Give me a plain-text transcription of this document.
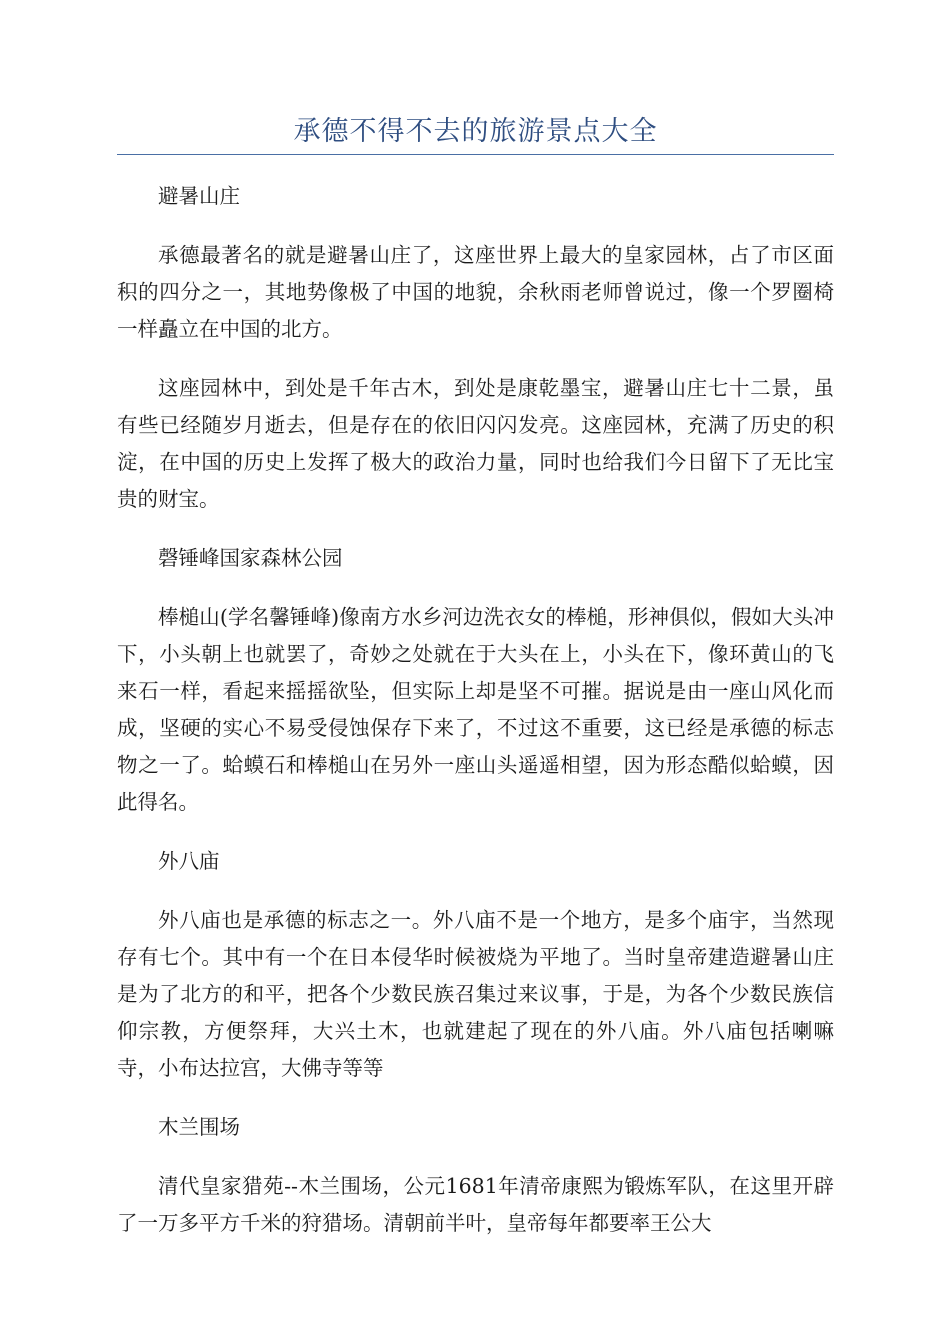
承德不得不去的旅游景点大全

避暑山庄

承德最著名的就是避暑山庄了，这座世界上最大的皇家园林，占了市区面积的四分之一，其地势像极了中国的地貌，余秋雨老师曾说过，像一个罗圈椅一样矗立在中国的北方。

这座园林中，到处是千年古木，到处是康乾墨宝，避暑山庄七十二景，虽有些已经随岁月逝去，但是存在的依旧闪闪发亮。这座园林，充满了历史的积淀，在中国的历史上发挥了极大的政治力量，同时也给我们今日留下了无比宝贵的财宝。

磬锤峰国家森林公园

棒槌山(学名馨锤峰)像南方水乡河边洗衣女的棒槌，形神俱似，假如大头冲下，小头朝上也就罢了，奇妙之处就在于大头在上，小头在下，像环黄山的飞来石一样，看起来摇摇欲坠，但实际上却是坚不可摧。据说是由一座山风化而成，坚硬的实心不易受侵蚀保存下来了，不过这不重要，这已经是承德的标志物之一了。蛤蟆石和棒槌山在另外一座山头遥遥相望，因为形态酷似蛤蟆，因此得名。

外八庙

外八庙也是承德的标志之一。外八庙不是一个地方，是多个庙宇，当然现存有七个。其中有一个在日本侵华时候被烧为平地了。当时皇帝建造避暑山庄是为了北方的和平，把各个少数民族召集过来议事，于是，为各个少数民族信仰宗教，方便祭拜，大兴土木，也就建起了现在的外八庙。外八庙包括喇嘛寺，小布达拉宫，大佛寺等等

木兰围场

清代皇家猎苑--木兰围场，公元1681年清帝康熙为锻炼军队，在这里开辟了一万多平方千米的狩猎场。清朝前半叶，皇帝每年都要率王公大
